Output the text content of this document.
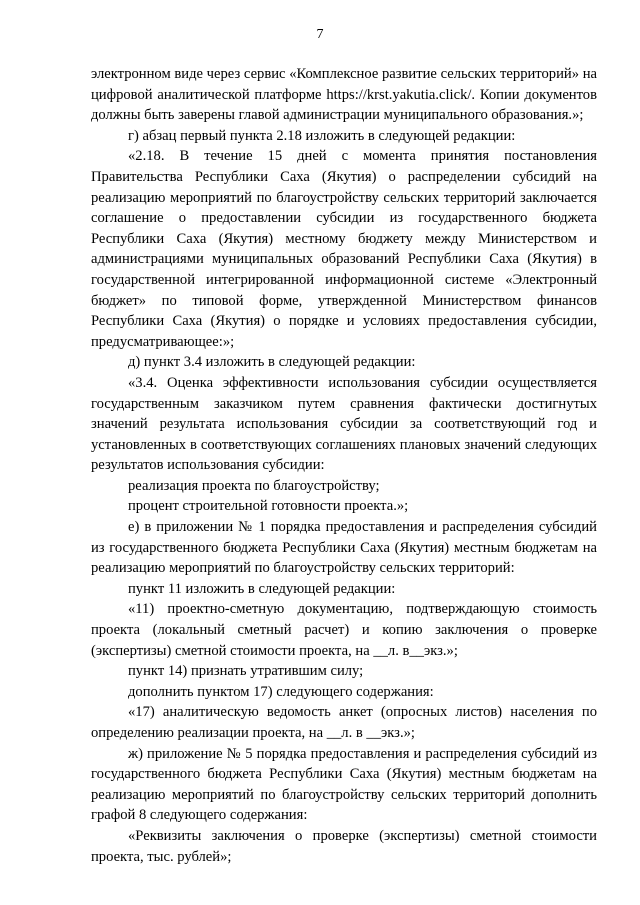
7

электронном виде через сервис «Комплексное развитие сельских территорий» на цифровой аналитической платформе https://krst.yakutia.click/. Копии документов должны быть заверены главой администрации муниципального образования.»;

г) абзац первый пункта 2.18 изложить в следующей редакции:

«2.18. В течение 15 дней с момента принятия постановления Правительства Республики Саха (Якутия) о распределении субсидий на реализацию мероприятий по благоустройству сельских территорий заключается соглашение о предоставлении субсидии из государственного бюджета Республики Саха (Якутия) местному бюджету между Министерством и администрациями муниципальных образований Республики Саха (Якутия) в государственной интегрированной информационной системе «Электронный бюджет» по типовой форме, утвержденной Министерством финансов Республики Саха (Якутия) о порядке и условиях предоставления субсидии, предусматривающее:»;

д) пункт 3.4 изложить в следующей редакции:

«3.4. Оценка эффективности использования субсидии осуществляется государственным заказчиком путем сравнения фактически достигнутых значений результата использования субсидии за соответствующий год и установленных в соответствующих соглашениях плановых значений следующих результатов использования субсидии:

реализация проекта по благоустройству;

процент строительной готовности проекта.»;

е) в приложении № 1 порядка предоставления и распределения субсидий из государственного бюджета Республики Саха (Якутия) местным бюджетам на реализацию мероприятий по благоустройству сельских территорий:

пункт 11 изложить в следующей редакции:

«11) проектно-сметную документацию, подтверждающую стоимость проекта (локальный сметный расчет) и копию заключения о проверке (экспертизы) сметной стоимости проекта, на __л. в__экз.»;

пункт 14) признать утратившим силу;

дополнить пунктом 17) следующего содержания:

«17) аналитическую ведомость анкет (опросных листов) населения по определению реализации проекта, на __л. в __экз.»;

ж) приложение № 5 порядка предоставления и распределения субсидий из государственного бюджета Республики Саха (Якутия) местным бюджетам на реализацию мероприятий по благоустройству сельских территорий дополнить графой 8 следующего содержания:

«Реквизиты заключения о проверке (экспертизы) сметной стоимости проекта, тыс. рублей»;
